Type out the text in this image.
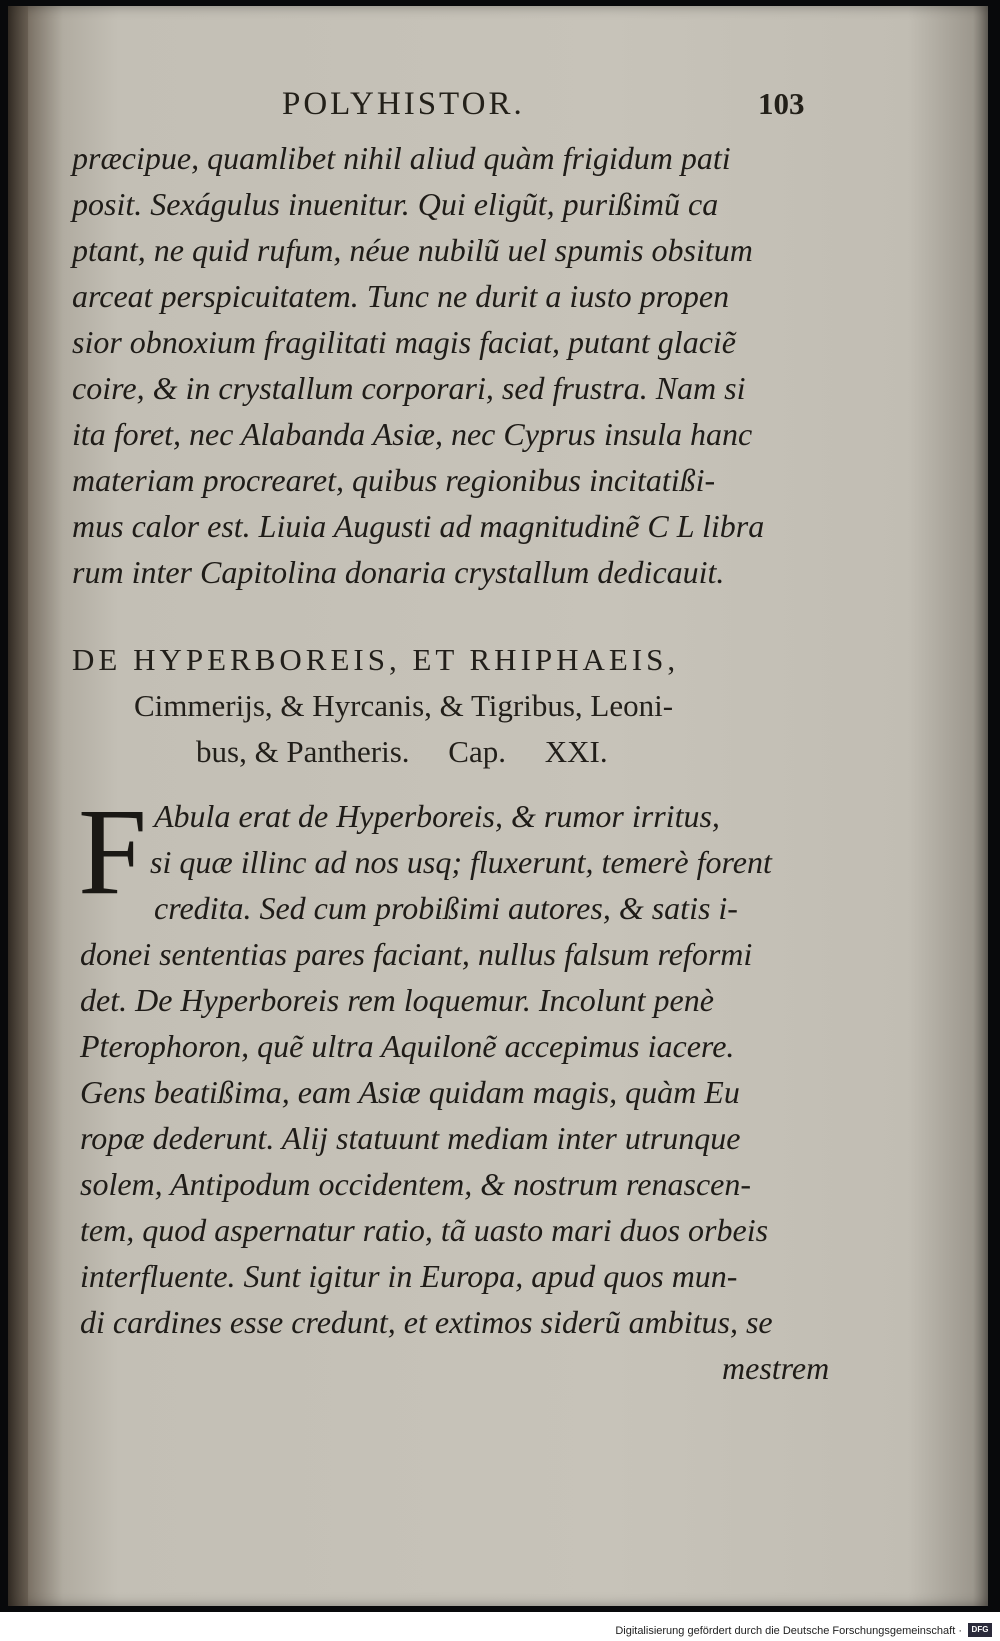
POLYHISTOR.	103
præcipue, quamlibet nihil aliud quàm frigidum pati
posit. Sexágulus inuenitur. Qui eligũt, purißimũ ca
ptant, ne quid rufum, néue nubilũ uel spumis obsitum
arceat perspicuitatem. Tunc ne durit a iusto propen
sior obnoxium fragilitati magis faciat, putant glaciẽ
coire, & in crystallum corporari, sed frustra. Nam si
ita foret, nec Alabanda Asiæ, nec Cyprus insula hanc
materiam procrearet, quibus regionibus incitatißi-
mus calor est. Liuia Augusti ad magnitudinẽ C L libra
rum inter Capitolina donaria crystallum dedicauit.
DE HYPERBOREIS, ET RHIPHAEIS,
Cimmerijs, & Hyrcanis, & Tigribus, Leoni-
bus, & Pantheris.     Cap.     XXI.
F Abula erat de Hyperboreis, & rumor irritus,
si quæ illinc ad nos usq; fluxerunt, temerè forent
credita. Sed cum probißimi autores, & satis i-
donei sententias pares faciant, nullus falsum reformi
det. De Hyperboreis rem loquemur. Incolunt penè
Pterophoron, quẽ ultra Aquilonẽ accepimus iacere.
Gens beatißima, eam Asiæ quidam magis, quàm Eu
ropæ dederunt. Alij statuunt mediam inter utrunque
solem, Antipodum occidentem, & nostrum renascen-
tem, quod aspernatur ratio, tã uasto mari duos orbeis
interfluente. Sunt igitur in Europa, apud quos mun-
di cardines esse credunt, et extimos siderũ ambitus, se
mestrem
Digitalisierung gefördert durch die Deutsche Forschungsgemeinschaft ·	DFG
